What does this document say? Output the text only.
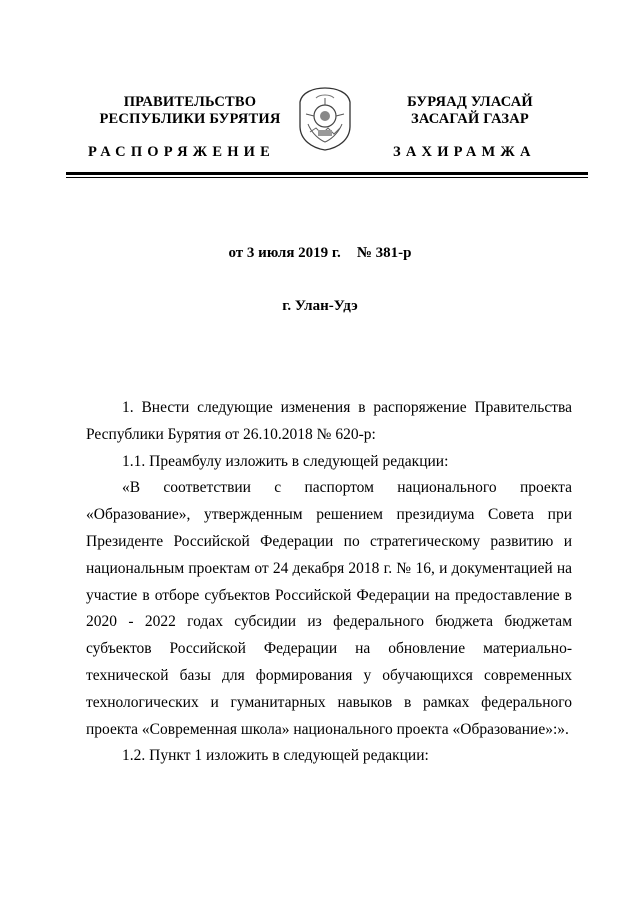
ПРАВИТЕЛЬСТВО
РЕСПУБЛИКИ БУРЯТИЯ
БУРЯАД УЛАСАЙ
ЗАСАГАЙ ГАЗАР
РАСПОРЯЖЕНИЕ	ЗАХИРАМЖА
от 3 июля 2019 г. № 381-р
г. Улан-Удэ

1. Внести следующие изменения в распоряжение Правительства Республики Бурятия от 26.10.2018 № 620-р:

1.1. Преамбулу изложить в следующей редакции:

«В соответствии с паспортом национального проекта «Образование», утвержденным решением президиума Совета при Президенте Российской Федерации по стратегическому развитию и национальным проектам от 24 декабря 2018 г. № 16, и документацией на участие в отборе субъектов Российской Федерации на предоставление в 2020 - 2022 годах субсидии из федерального бюджета бюджетам субъектов Российской Федерации на обновление материально-технической базы для формирования у обучающихся современных технологических и гуманитарных навыков в рамках федерального проекта «Современная школа» национального проекта «Образование»:».

1.2. Пункт 1 изложить в следующей редакции:
